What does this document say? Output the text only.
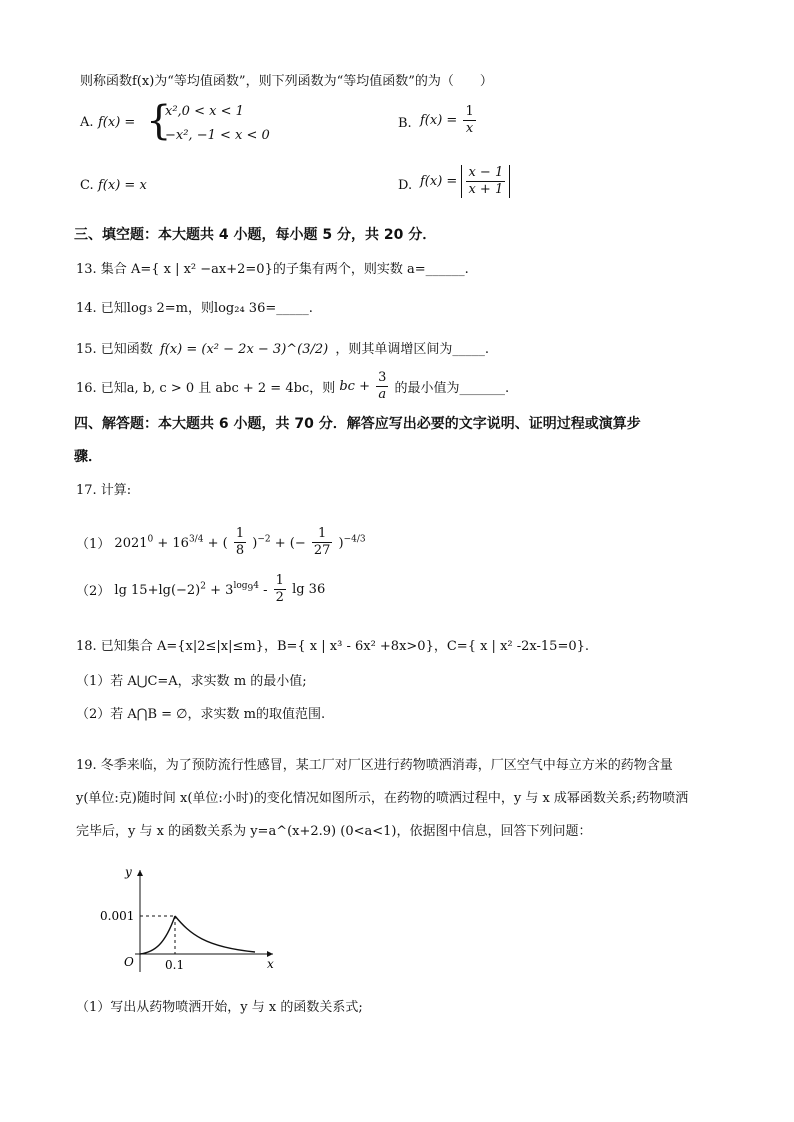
则称函数f(x)为“等均值函数”，则下列函数为“等均值函数”的为（　　）
A. f(x) = {
x²,0 < x < 1
−x², −1 < x < 0
B. $f(x) = \frac{1}{x}$
C. f(x) = x	D. $f(x) = \frac{x - 1}{x + 1}$
三、填空题：本大题共 4 小题，每小题 5 分，共 20 分．
13. 集合 A={ x | x² −ax+2=0}的子集有两个，则实数 a=______.
14. 已知log₃ 2=m，则log₂₄ 36=_____.
15. 已知函数 f(x) = (x² − 2x − 3)^(3/2) ，则其单调增区间为_____.
16. 已知a, b, c > 0 且 abc + 2 = 4bc，则 bc + $\frac{3}{a}$ 的最小值为_______.
四、解答题：本大题共 6 小题，共 70 分．解答应写出必要的文字说明、证明过程或演算步
骤．
17. 计算:
（1） $2021^0 + 16^{3/4}$ + ( $\frac{1}{8} )^{-2}$ + (− $\frac{1}{27} )^{-4/3}$
（2） $\lg 15+\lg(-2)^2 + 3^{log_94} - \frac{1}{2}$ lg 36
18. 已知集合 A={x|2≤|x|≤m}，B={ x | x³ - 6x² +8x>0}，C={ x | x² -2x-15=0}.
（1）若 A⋃C=A，求实数 m 的最小值;
（2）若 A⋂B = ∅，求实数 m的取值范围.
19. 冬季来临，为了预防流行性感冒，某工厂对厂区进行药物喷洒消毒，厂区空气中每立方米的药物含量
y(单位:克)随时间 x(单位:小时)的变化情况如图所示，在药物的喷洒过程中，y 与 x 成幂函数关系;药物喷洒
完毕后，y 与 x 的函数关系为 y=a^(x+2.9) (0<a<1)，依据图中信息，回答下列问题：
y
x
O
0.001
0.1
（1）写出从药物喷洒开始，y 与 x 的函数关系式;
